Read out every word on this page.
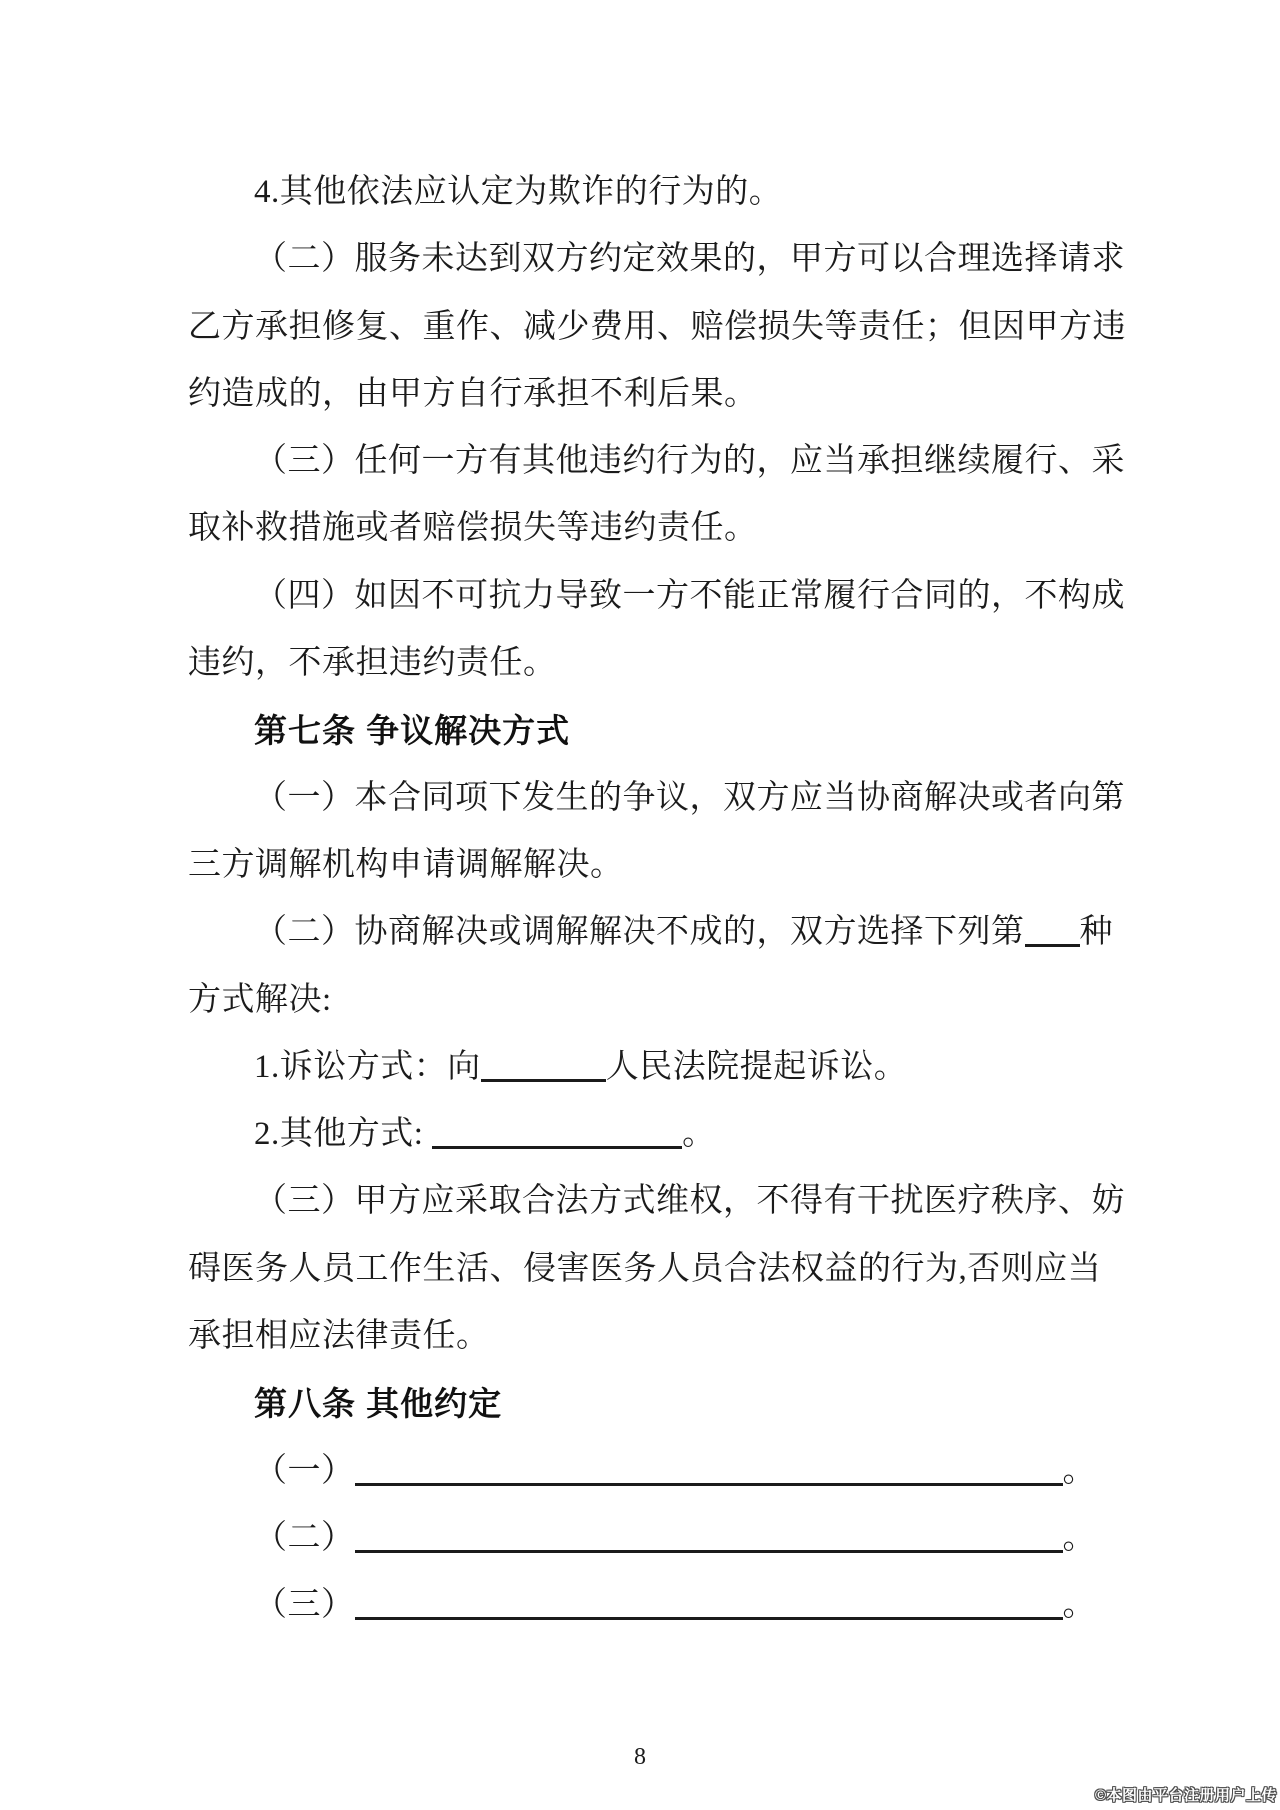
4.其他依法应认定为欺诈的行为的。
（二）服务未达到双方约定效果的，甲方可以合理选择请求
乙方承担修复、重作、减少费用、赔偿损失等责任；但因甲方违
约造成的，由甲方自行承担不利后果。
（三）任何一方有其他违约行为的，应当承担继续履行、采
取补救措施或者赔偿损失等违约责任。
（四）如因不可抗力导致一方不能正常履行合同的，不构成
违约，不承担违约责任。
第七条 争议解决方式
（一）本合同项下发生的争议，双方应当协商解决或者向第
三方调解机构申请调解解决。
（二）协商解决或调解解决不成的，双方选择下列第 种
方式解决:
1.诉讼方式：向	人民法院提起诉讼。
2.其他方式:	。
（三）甲方应采取合法方式维权，不得有干扰医疗秩序、妨
碍医务人员工作生活、侵害医务人员合法权益的行为,否则应当
承担相应法律责任。
第八条 其他约定
（一）	。
（二）	。
（三）	。
8
©本图由平台注册用户上传
